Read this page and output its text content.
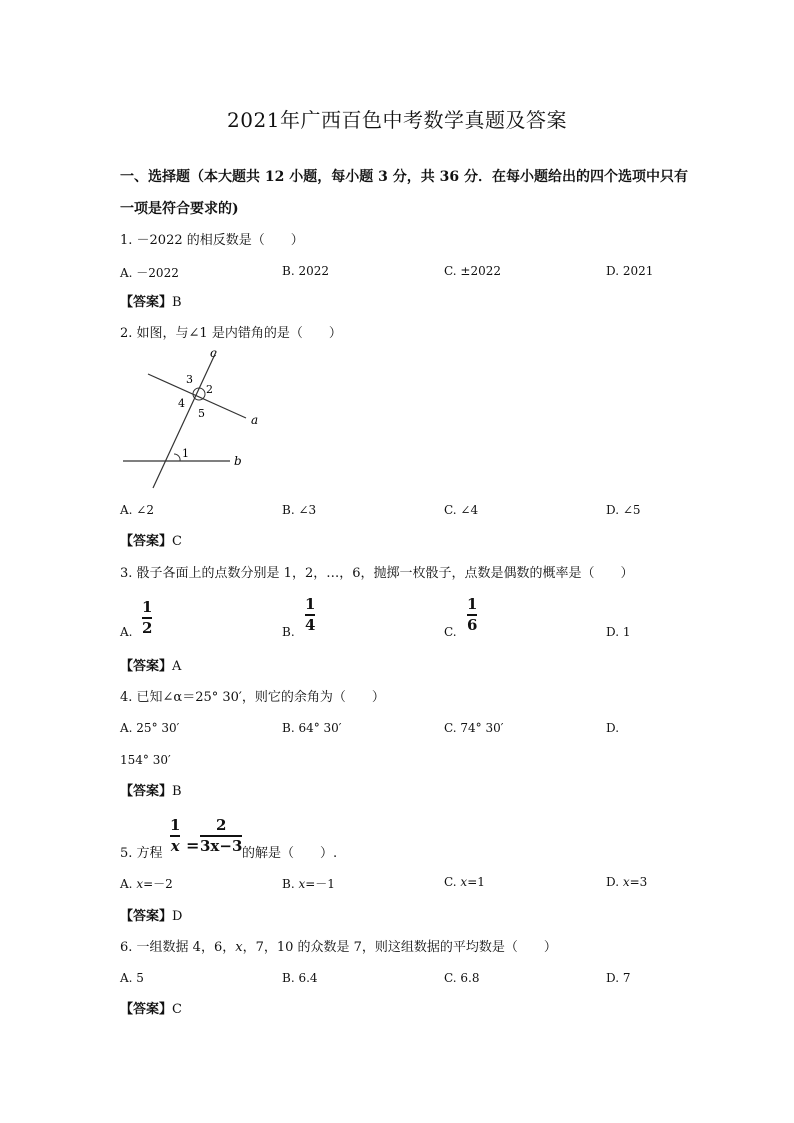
2021年广西百色中考数学真题及答案
一、选择题（本大题共 12 小题，每小题 3 分，共 36 分．在每小题给出的四个选项中只有
一项是符合要求的)
1. －2022 的相反数是（　　）
A. －2022	B. 2022	C. ±2022	D. 2021
【答案】B
2. 如图，与∠1 是内错角的是（　　）
c
a
b
1
2
3
4
5
A. ∠2	B. ∠3	C. ∠4	D. ∠5
【答案】C
3. 骰子各面上的点数分别是 1，2，…，6，抛掷一枚骰子，点数是偶数的概率是（　　）
A.
1
2	B.
1
4	C.
1
6	D. 1
【答案】A
4. 已知∠α＝25° 30′，则它的余角为（　　）
A. 25° 30′	B. 64° 30′	C. 74° 30′	D.
154° 30′
【答案】B
5. 方程
1
x =
2
3x−3 的解是（　　）.
A. x=－2	B. x=－1	C. x=1	D. x=3
【答案】D
6. 一组数据 4，6，x，7，10 的众数是 7，则这组数据的平均数是（　　）
A. 5	B. 6.4	C. 6.8	D. 7
【答案】C
